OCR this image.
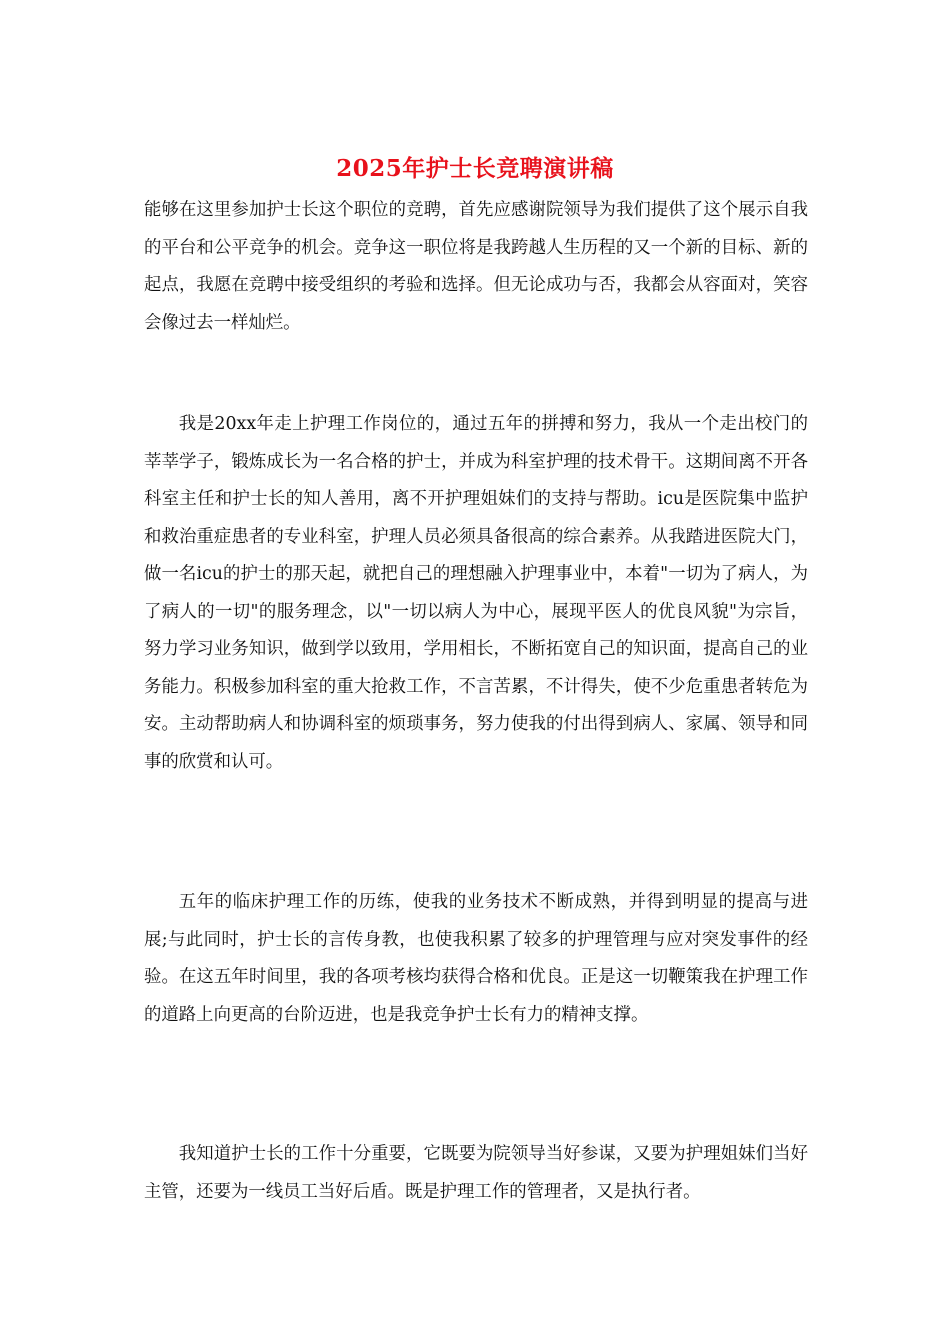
2025年护士长竞聘演讲稿

能够在这里参加护士长这个职位的竞聘，首先应感谢院领导为我们提供了这个展示自我的平台和公平竞争的机会。竞争这一职位将是我跨越人生历程的又一个新的目标、新的起点，我愿在竞聘中接受组织的考验和选择。但无论成功与否，我都会从容面对，笑容会像过去一样灿烂。

我是20xx年走上护理工作岗位的，通过五年的拼搏和努力，我从一个走出校门的莘莘学子，锻炼成长为一名合格的护士，并成为科室护理的技术骨干。这期间离不开各科室主任和护士长的知人善用，离不开护理姐妹们的支持与帮助。icu是医院集中监护和救治重症患者的专业科室，护理人员必须具备很高的综合素养。从我踏进医院大门，做一名icu的护士的那天起，就把自己的理想融入护理事业中，本着"一切为了病人，为了病人的一切"的服务理念，以"一切以病人为中心，展现平医人的优良风貌"为宗旨，努力学习业务知识，做到学以致用，学用相长，不断拓宽自己的知识面，提高自己的业务能力。积极参加科室的重大抢救工作，不言苦累，不计得失，使不少危重患者转危为安。主动帮助病人和协调科室的烦琐事务，努力使我的付出得到病人、家属、领导和同事的欣赏和认可。

五年的临床护理工作的历练，使我的业务技术不断成熟，并得到明显的提高与进展;与此同时，护士长的言传身教，也使我积累了较多的护理管理与应对突发事件的经验。在这五年时间里，我的各项考核均获得合格和优良。正是这一切鞭策我在护理工作的道路上向更高的台阶迈进，也是我竞争护士长有力的精神支撑。

我知道护士长的工作十分重要，它既要为院领导当好参谋，又要为护理姐妹们当好主管，还要为一线员工当好后盾。既是护理工作的管理者，又是执行者。
